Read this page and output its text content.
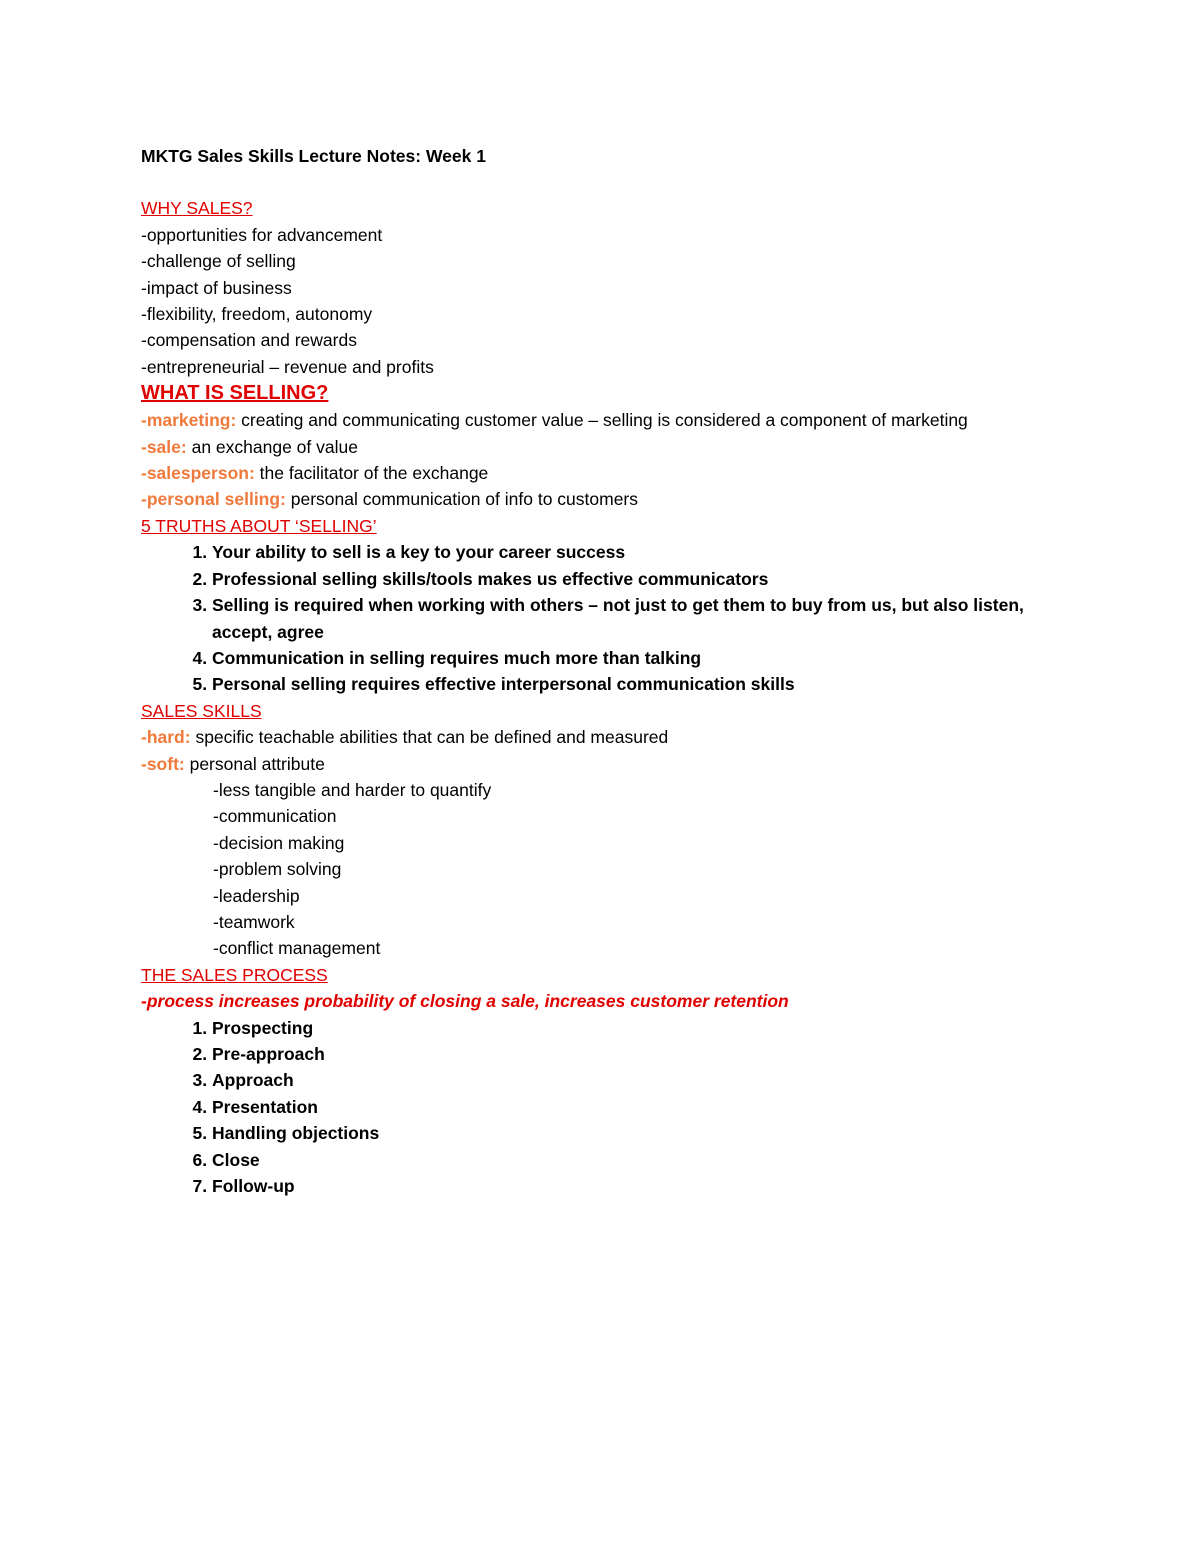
MKTG Sales Skills Lecture Notes: Week 1

WHY SALES?

-opportunities for advancement

-challenge of selling

-impact of business

-flexibility, freedom, autonomy

-compensation and rewards

-entrepreneurial – revenue and profits

WHAT IS SELLING?

-marketing: creating and communicating customer value – selling is considered a component of marketing

-sale: an exchange of value

-salesperson: the facilitator of the exchange

-personal selling: personal communication of info to customers

5 TRUTHS ABOUT ‘SELLING’

1. Your ability to sell is a key to your career success
2. Professional selling skills/tools makes us effective communicators
3. Selling is required when working with others – not just to get them to buy from us, but also listen, accept, agree
4. Communication in selling requires much more than talking
5. Personal selling requires effective interpersonal communication skills

SALES SKILLS

-hard: specific teachable abilities that can be defined and measured

-soft: personal attribute

-less tangible and harder to quantify

-communication

-decision making

-problem solving

-leadership

-teamwork

-conflict management

THE SALES PROCESS

-process increases probability of closing a sale, increases customer retention

1. Prospecting
2. Pre-approach
3. Approach
4. Presentation
5. Handling objections
6. Close
7. Follow-up
